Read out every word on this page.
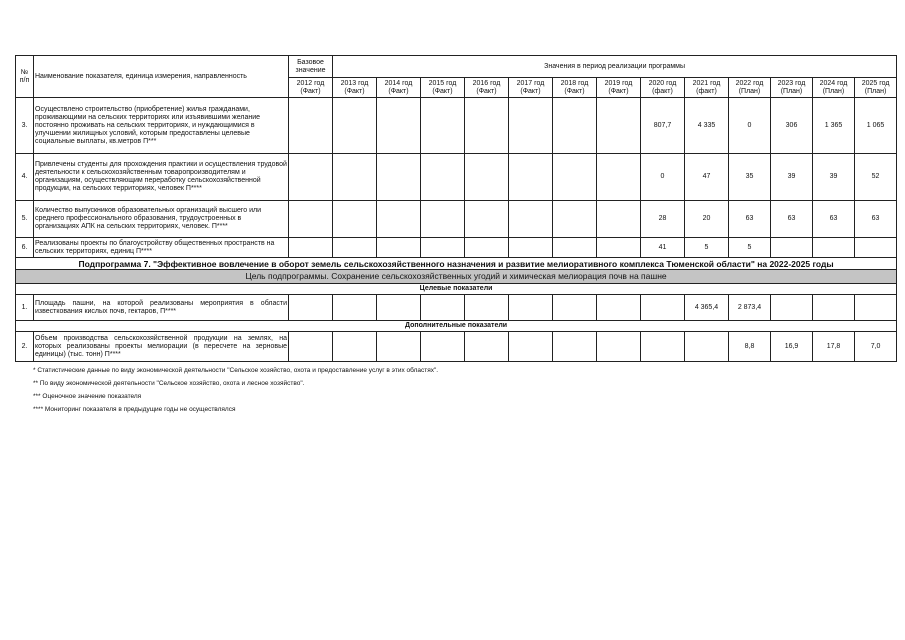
№ п/п	Наименование показателя, единица измерения, направленность	Базовое значение	Значения в период реализации программы												
		2012 год (Факт)	2013 год (Факт)	2014 год (Факт)	2015 год (Факт)	2016 год (Факт)	2017 год (Факт)	2018 год (Факт)	2019 год (Факт)	2020 год (факт)	2021 год (факт)	2022 год (План)	2023 год (План)	2024 год (План)	2025 год (План)
3.	Осуществлено строительство (приобретение) жилья гражданами, проживающими на сельских территориях или изъявившими желание постоянно проживать на сельских территориях, и нуждающимися в улучшении жилищных условий, которым предоставлены целевые социальные выплаты, кв.метров П***									807,7	4 335	0	306	1 365	1 065
4.	Привлечены студенты для прохождения практики и осуществления трудовой деятельности к сельскохозяйственным товаропроизводителям и организациям, осуществляющим переработку сельскохозяйственной продукции, на сельских территориях, человек П****									0	47	35	39	39	52
5.	Количество выпускников образовательных организаций высшего или среднего профессионального образования, трудоустроенных в организациях АПК на сельских территориях, человек. П****									28	20	63	63	63	63
6.	Реализованы проекты по благоустройству общественных пространств на сельских территориях, единиц П****									41	5	5			
Подпрограмма 7. "Эффективное вовлечение в оборот земель сельскохозяйственного назначения и развитие мелиоративного комплекса Тюменской области" на 2022-2025 годы															
Цель подпрограммы. Сохранение сельскохозяйственных угодий и химическая мелиорация почв на пашне															
Целевые показатели															
1.	Площадь пашни, на которой реализованы мероприятия в области известкования кислых почв, гектаров, П****										4 365,4	2 873,4			
Дополнительные показатели															
2.	Объем производства сельскохозяйственной продукции на землях, на которых реализованы проекты мелиорации (в пересчете на зерновые единицы) (тыс. тонн) П****											8,8	16,9	17,8	7,0
* Статистические данные по виду экономической деятельности "Сельское хозяйство, охота и предоставление услуг в этих областях".
** По виду экономической деятельности "Сельское хозяйство, охота и лесное хозяйство".
*** Оценочное значение показателя
**** Мониторинг показателя в предыдущие годы не осуществлялся
